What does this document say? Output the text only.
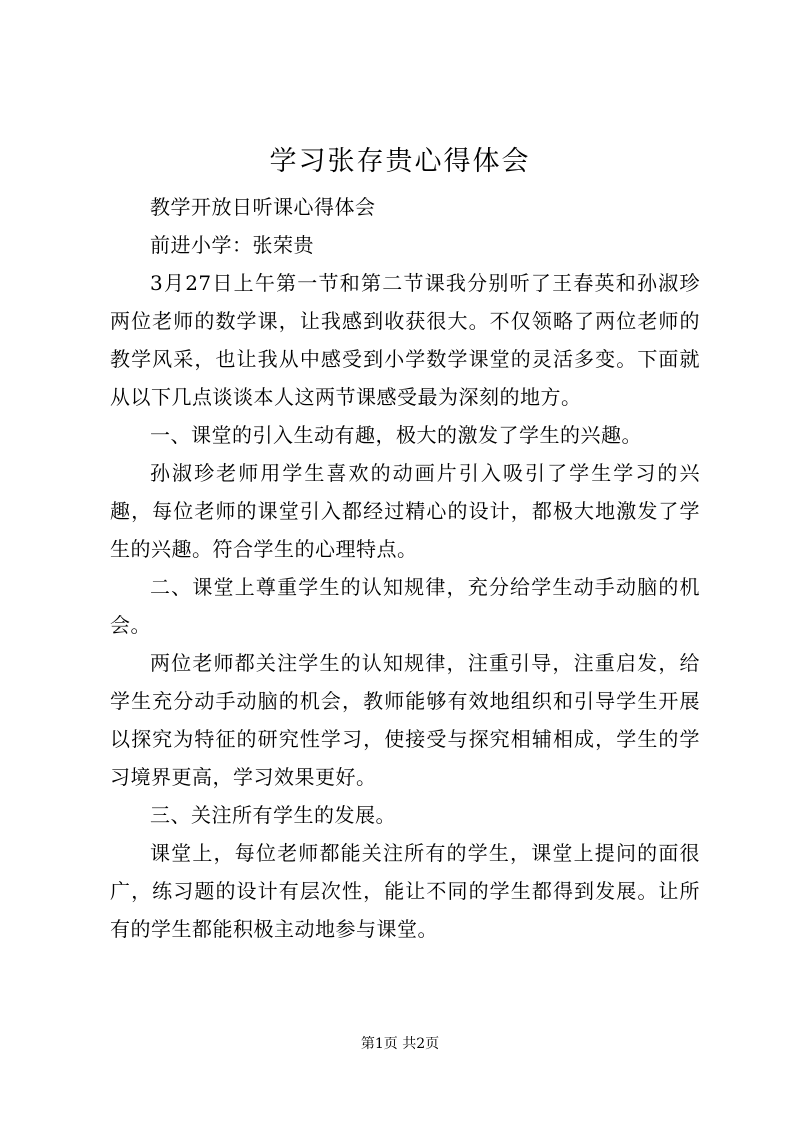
学习张存贵心得体会

教学开放日听课心得体会

前进小学：张荣贵

3月27日上午第一节和第二节课我分别听了王春英和孙淑珍两位老师的数学课，让我感到收获很大。不仅领略了两位老师的教学风采，也让我从中感受到小学数学课堂的灵活多变。下面就从以下几点谈谈本人这两节课感受最为深刻的地方。

一、课堂的引入生动有趣，极大的激发了学生的兴趣。

孙淑珍老师用学生喜欢的动画片引入吸引了学生学习的兴趣，每位老师的课堂引入都经过精心的设计，都极大地激发了学生的兴趣。符合学生的心理特点。

二、课堂上尊重学生的认知规律，充分给学生动手动脑的机会。

两位老师都关注学生的认知规律，注重引导，注重启发，给学生充分动手动脑的机会，教师能够有效地组织和引导学生开展以探究为特征的研究性学习，使接受与探究相辅相成，学生的学习境界更高，学习效果更好。

三、关注所有学生的发展。

课堂上，每位老师都能关注所有的学生，课堂上提问的面很广，练习题的设计有层次性，能让不同的学生都得到发展。让所有的学生都能积极主动地参与课堂。

第1页 共2页
